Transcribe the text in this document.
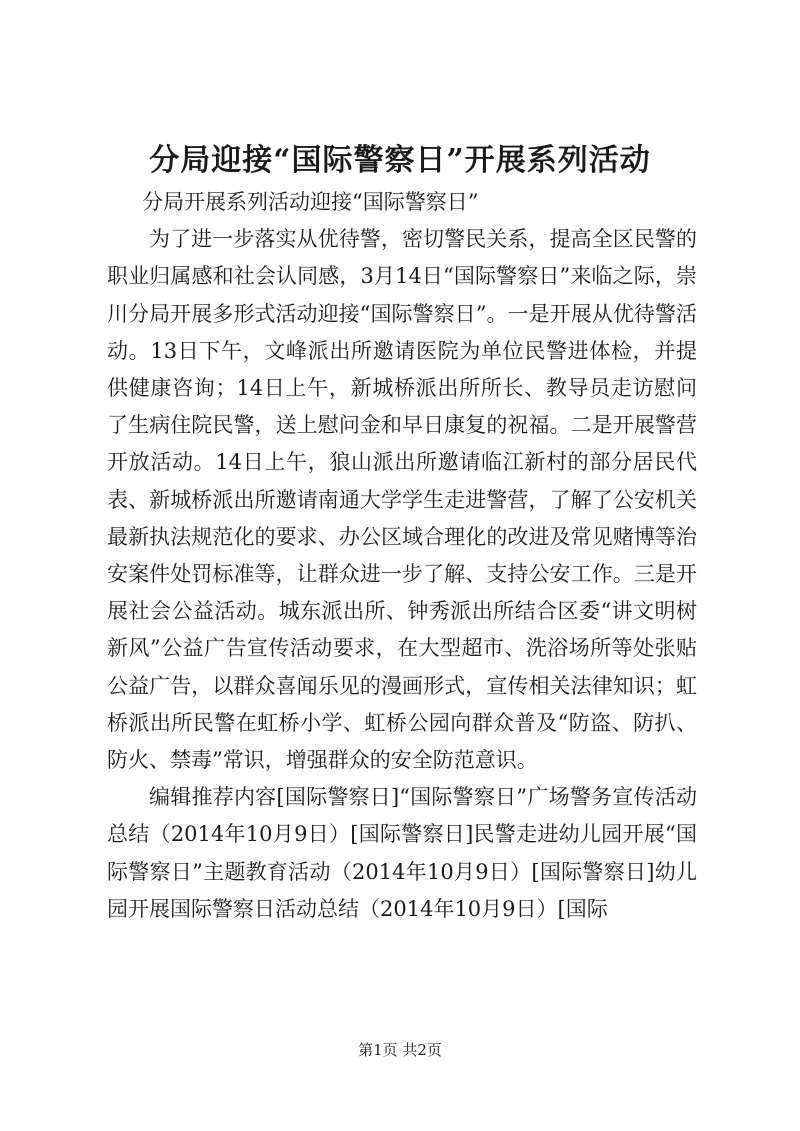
分局迎接“国际警察日”开展系列活动

分局开展系列活动迎接“国际警察日”

为了进一步落实从优待警，密切警民关系，提高全区民警的职业归属感和社会认同感，3月14日“国际警察日”来临之际，崇川分局开展多形式活动迎接“国际警察日”。一是开展从优待警活动。13日下午，文峰派出所邀请医院为单位民警进体检，并提供健康咨询；14日上午，新城桥派出所所长、教导员走访慰问了生病住院民警，送上慰问金和早日康复的祝福。二是开展警营开放活动。14日上午，狼山派出所邀请临江新村的部分居民代表、新城桥派出所邀请南通大学学生走进警营，了解了公安机关最新执法规范化的要求、办公区域合理化的改进及常见赌博等治安案件处罚标准等，让群众进一步了解、支持公安工作。三是开展社会公益活动。城东派出所、钟秀派出所结合区委“讲文明树新风”公益广告宣传活动要求，在大型超市、洗浴场所等处张贴公益广告，以群众喜闻乐见的漫画形式，宣传相关法律知识；虹桥派出所民警在虹桥小学、虹桥公园向群众普及“防盗、防扒、防火、禁毒”常识，增强群众的安全防范意识。

编辑推荐内容[国际警察日]“国际警察日”广场警务宣传活动总结（2014年10月9日）[国际警察日]民警走进幼儿园开展“国际警察日”主题教育活动（2014年10月9日）[国际警察日]幼儿园开展国际警察日活动总结（2014年10月9日）[国际

第1页 共2页
